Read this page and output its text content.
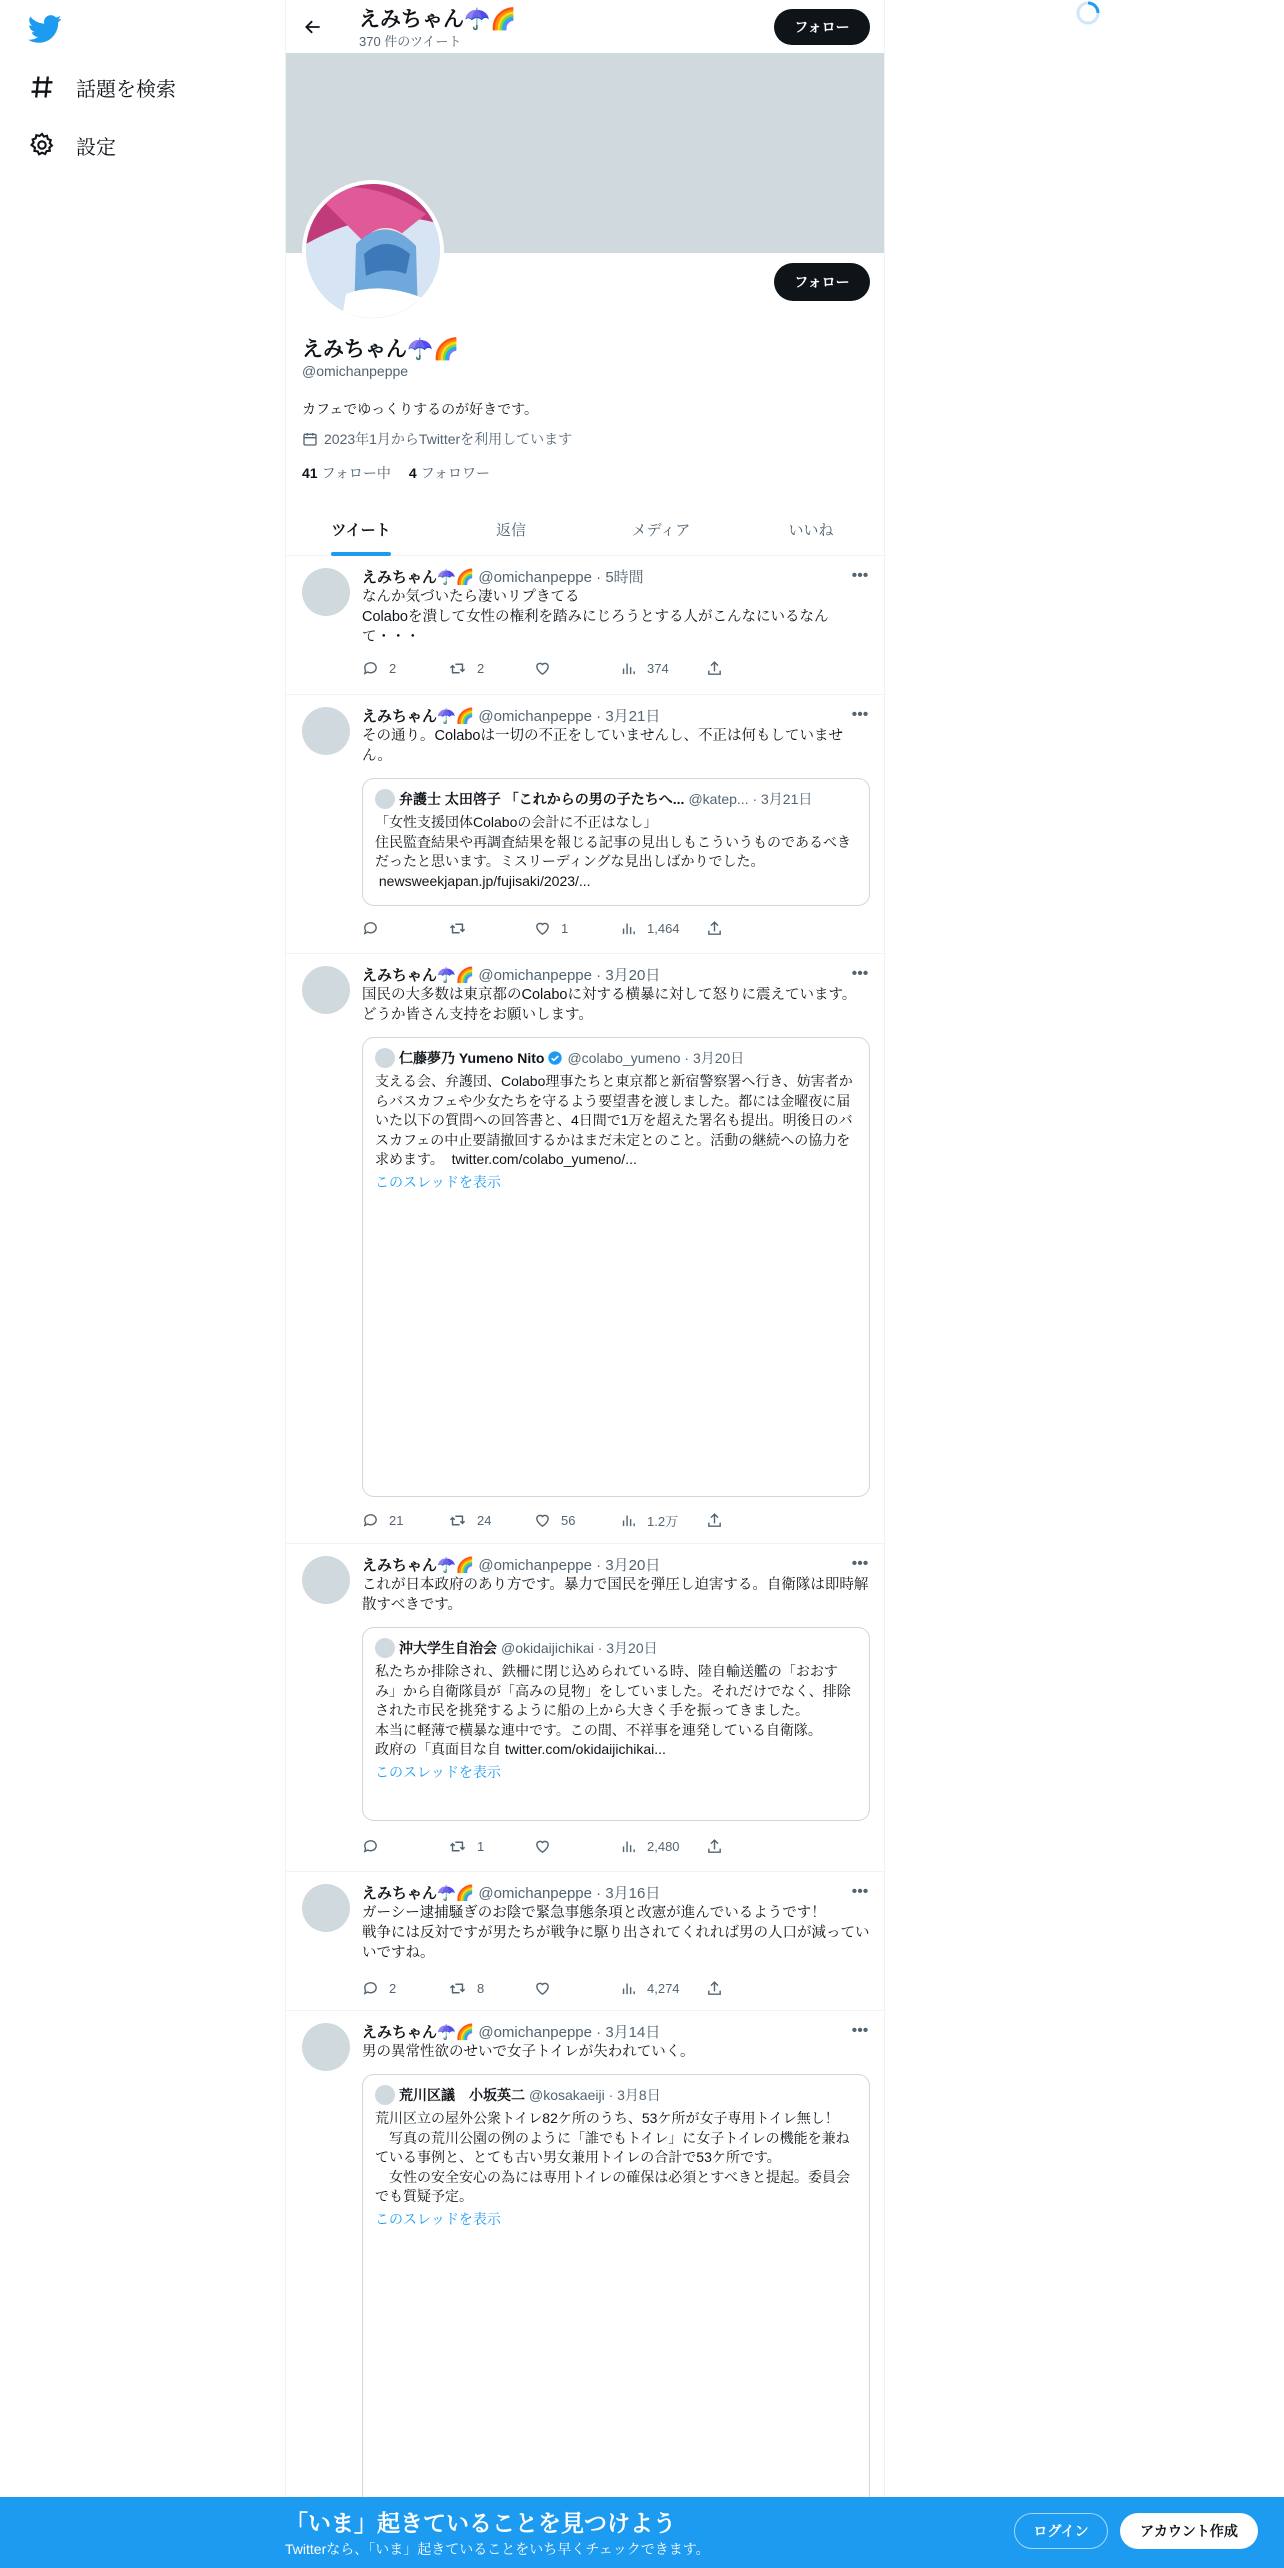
話題を検索
設定
えみちゃん☂️🌈
370 件のツイート
フォロー
フォロー
えみちゃん☂️🌈
@omichanpeppe
カフェでゆっくりするのが好きです。
2023年1月からTwitterを利用しています
41 フォロー中 4 フォロワー
ツイート	返信	メディア	いいね
えみちゃん☂️🌈 @omichanpeppe · 5時間	•••
なんか気づいたら凄いリプきてる
Colaboを潰して女性の権利を踏みにじろうとする人がこんなにいるなんて・・・
2	2	374
えみちゃん☂️🌈 @omichanpeppe · 3月21日	•••
その通り。Colaboは一切の不正をしていませんし、不正は何もしていません。
弁護士 太田啓子 「これからの男の子たちへ... @katep... · 3月21日
「女性支援団体Colaboの会計に不正はなし」
住民監査結果や再調査結果を報じる記事の見出しもこういうものであるべきだったと思います。ミスリーディングな見出しばかりでした。
newsweekjapan.jp/fujisaki/2023/...
1	1,464
えみちゃん☂️🌈 @omichanpeppe · 3月20日	•••
国民の大多数は東京都のColaboに対する横暴に対して怒りに震えています。どうか皆さん支持をお願いします。
仁藤夢乃 Yumeno Nito @colabo_yumeno · 3月20日
支える会、弁護団、Colabo理事たちと東京都と新宿警察署へ行き、妨害者からバスカフェや少女たちを守るよう要望書を渡しました。都には金曜夜に届いた以下の質問への回答書と、4日間で1万を超えた署名も提出。明後日のバスカフェの中止要請撤回するかはまだ未定とのこと。活動の継続への協力を求めます。  twitter.com/colabo_yumeno/...
このスレッドを表示
21	24	56	1.2万
えみちゃん☂️🌈 @omichanpeppe · 3月20日	•••
これが日本政府のあり方です。暴力で国民を弾圧し迫害する。自衛隊は即時解散すべきです。
沖大学生自治会 @okidaijichikai · 3月20日
私たちか排除され、鉄柵に閉じ込められている時、陸自輸送艦の「おおすみ」から自衛隊員が「高みの見物」をしていました。それだけでなく、排除された市民を挑発するように船の上から大きく手を振ってきました。
本当に軽薄で横暴な連中です。この間、不祥事を連発している自衛隊。
政府の「真面目な自 twitter.com/okidaijichikai...
このスレッドを表示
1	2,480
えみちゃん☂️🌈 @omichanpeppe · 3月16日	•••
ガーシー逮捕騒ぎのお陰で緊急事態条項と改憲が進んでいるようです！
戦争には反対ですが男たちが戦争に駆り出されてくれれば男の人口が減っていいですね。
2	8	4,274
えみちゃん☂️🌈 @omichanpeppe · 3月14日	•••
男の異常性欲のせいで女子トイレが失われていく。
荒川区議　小坂英二 @kosakaeiji · 3月8日
荒川区立の屋外公衆トイレ82ケ所のうち、53ケ所が女子専用トイレ無し！
　写真の荒川公園の例のように「誰でもトイレ」に女子トイレの機能を兼ねている事例と、とても古い男女兼用トイレの合計で53ケ所です。
　女性の安全安心の為には専用トイレの確保は必須とすべきと提起。委員会でも質疑予定。
このスレッドを表示
「いま」起きていることを見つけよう
Twitterなら、「いま」起きていることをいち早くチェックできます。
ログイン	アカウント作成
